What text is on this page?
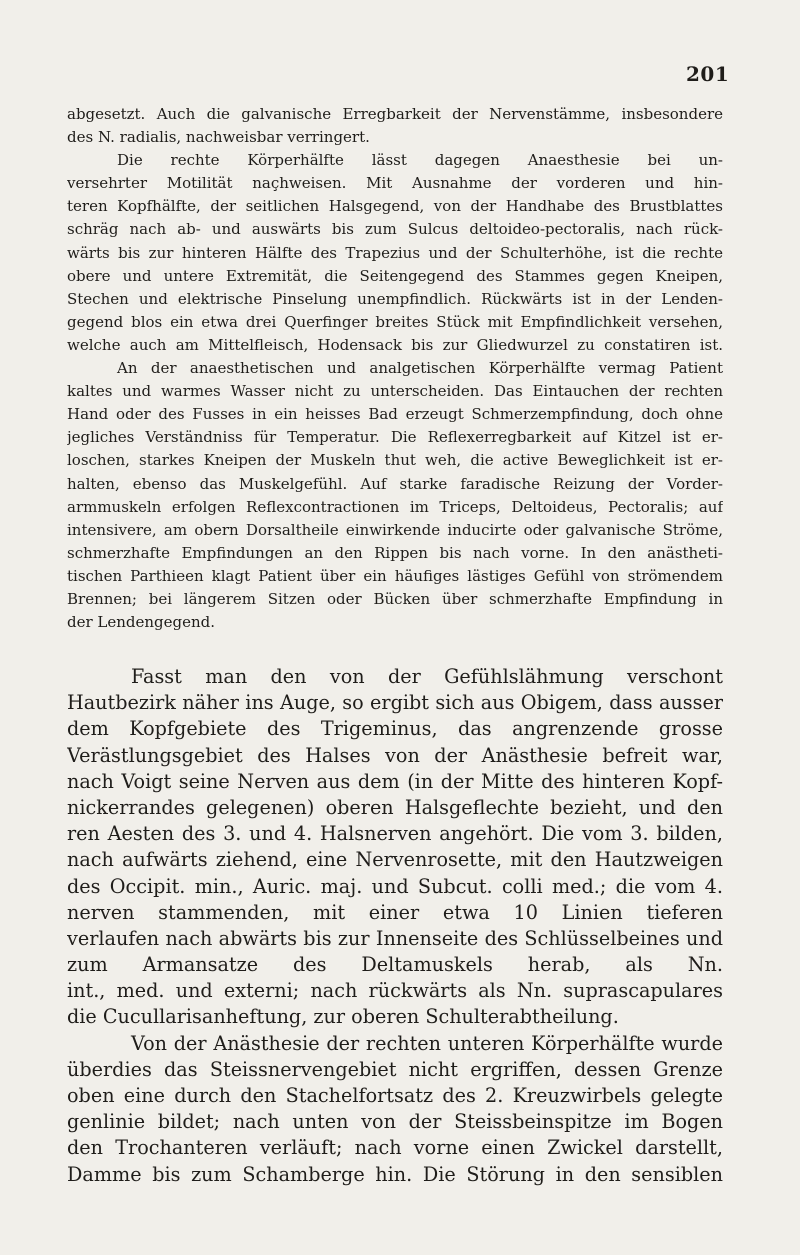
201

abgesetzt. Auch die galvanische Erregbarkeit der Nervenstämme, insbesondere
des N. radialis, nachweisbar verringert.

Die rechte Körperhälfte lässt dagegen Anaesthesie bei un-
versehrter Motilität naçhweisen. Mit Ausnahme der vorderen und hin-
teren Kopfhälfte, der seitlichen Halsgegend, von der Handhabe des Brustblattes
schräg nach ab- und auswärts bis zum Sulcus deltoideo-pectoralis, nach rück-
wärts bis zur hinteren Hälfte des Trapezius und der Schulterhöhe, ist die rechte
obere und untere Extremität, die Seitengegend des Stammes gegen Kneipen,
Stechen und elektrische Pinselung unempfindlich. Rückwärts ist in der Lenden-
gegend blos ein etwa drei Querfinger breites Stück mit Empfindlichkeit versehen,
welche auch am Mittelfleisch, Hodensack bis zur Gliedwurzel zu constatiren ist.

An der anaesthetischen und analgetischen Körperhälfte vermag Patient
kaltes und warmes Wasser nicht zu unterscheiden. Das Eintauchen der rechten
Hand oder des Fusses in ein heisses Bad erzeugt Schmerzempfindung, doch ohne
jegliches Verständniss für Temperatur. Die Reflexerregbarkeit auf Kitzel ist er-
loschen, starkes Kneipen der Muskeln thut weh, die active Beweglichkeit ist er-
halten, ebenso das Muskelgefühl. Auf starke faradische Reizung der Vorder-
armmuskeln erfolgen Reflexcontractionen im Triceps, Deltoideus, Pectoralis; auf
intensivere, am obern Dorsaltheile einwirkende inducirte oder galvanische Ströme,
schmerzhafte Empfindungen an den Rippen bis nach vorne. In den anästheti-
tischen Parthieen klagt Patient über ein häufiges lästiges Gefühl von strömendem
Brennen; bei längerem Sitzen oder Bücken über schmerzhafte Empfindung in
der Lendengegend.

Fasst man den von der Gefühlslähmung verschont
Hautbezirk näher ins Auge, so ergibt sich aus Obigem, dass ausser
dem Kopfgebiete des Trigeminus, das angrenzende grosse
Verästlungsgebiet des Halses von der Anästhesie befreit war,
nach Voigt seine Nerven aus dem (in der Mitte des hinteren Kopf-
nickerrandes gelegenen) oberen Halsgeflechte bezieht, und den
ren Aesten des 3. und 4. Halsnerven angehört. Die vom 3. bilden,
nach aufwärts ziehend, eine Nervenrosette, mit den Hautzweigen
des Occipit. min., Auric. maj. und Subcut. colli med.; die vom 4.
nerven stammenden, mit einer etwa 10 Linien tieferen
verlaufen nach abwärts bis zur Innenseite des Schlüsselbeines und
zum Armansatze des Deltamuskels herab, als Nn.
int., med. und externi; nach rückwärts als Nn. suprascapulares
die Cucullarisanheftung, zur oberen Schulterabtheilung.

Von der Anästhesie der rechten unteren Körperhälfte wurde
überdies das Steissnervengebiet nicht ergriffen, dessen Grenze
oben eine durch den Stachelfortsatz des 2. Kreuzwirbels gelegte
genlinie bildet; nach unten von der Steissbeinspitze im Bogen
den Trochanteren verläuft; nach vorne einen Zwickel darstellt,
Damme bis zum Schamberge hin. Die Störung in den sensiblen
